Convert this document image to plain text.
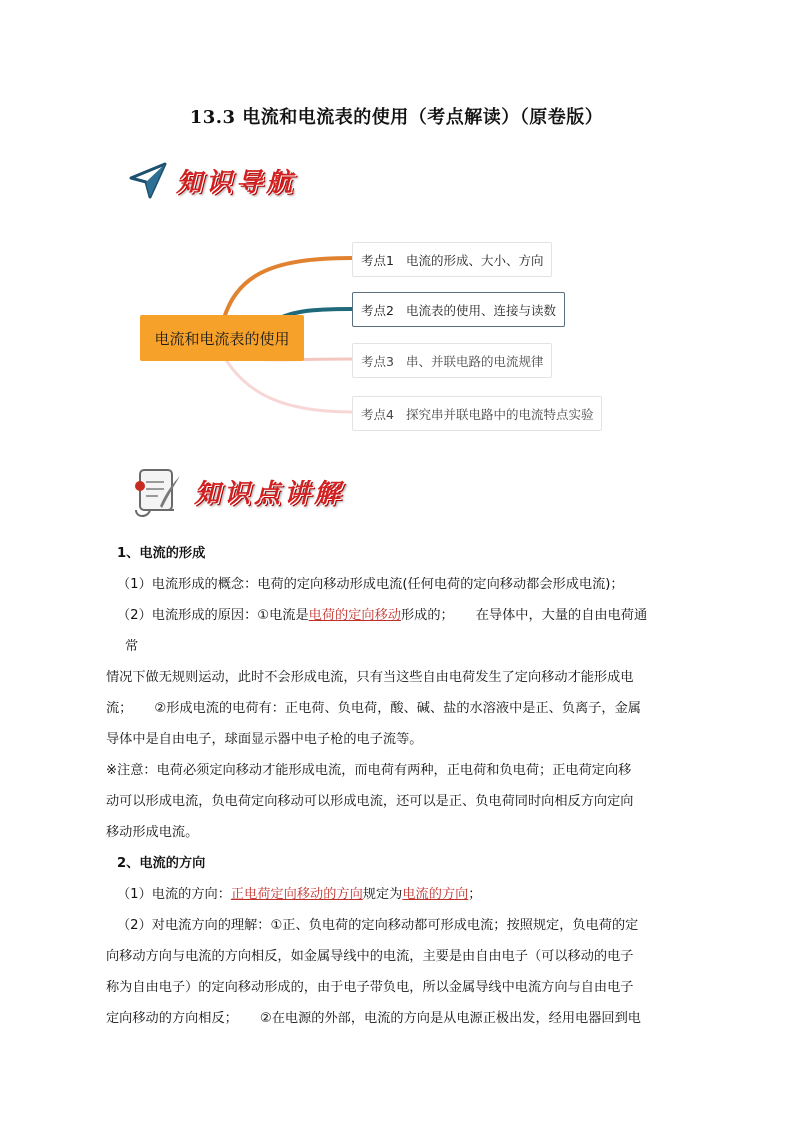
13.3 电流和电流表的使用（考点解读）（原卷版）
知识导航
电流和电流表的使用
考点1 电流的形成、大小、方向
考点2 电流表的使用、连接与读数
考点3 串、并联电路的电流规律
考点4 探究串并联电路中的电流特点实验
知识点讲解

1、电流的形成

（1）电流形成的概念：电荷的定向移动形成电流(任何电荷的定向移动都会形成电流)；

（2）电流形成的原因：①电流是电荷的定向移动形成的； 在导体中，大量的自由电荷通

常

情况下做无规则运动，此时不会形成电流，只有当这些自由电荷发生了定向移动才能形成电

流； ②形成电流的电荷有：正电荷、负电荷，酸、碱、盐的水溶液中是正、负离子，金属

导体中是自由电子，球面显示器中电子枪的电子流等。

※注意：电荷必须定向移动才能形成电流，而电荷有两种，正电荷和负电荷；正电荷定向移

动可以形成电流，负电荷定向移动可以形成电流，还可以是正、负电荷同时向相反方向定向

移动形成电流。

2、电流的方向

（1）电流的方向：正电荷定向移动的方向规定为电流的方向；

（2）对电流方向的理解：①正、负电荷的定向移动都可形成电流；按照规定，负电荷的定

向移动方向与电流的方向相反，如金属导线中的电流，主要是由自由电子（可以移动的电子

称为自由电子）的定向移动形成的，由于电子带负电，所以金属导线中电流方向与自由电子

定向移动的方向相反； ②在电源的外部，电流的方向是从电源正极出发，经用电器回到电
